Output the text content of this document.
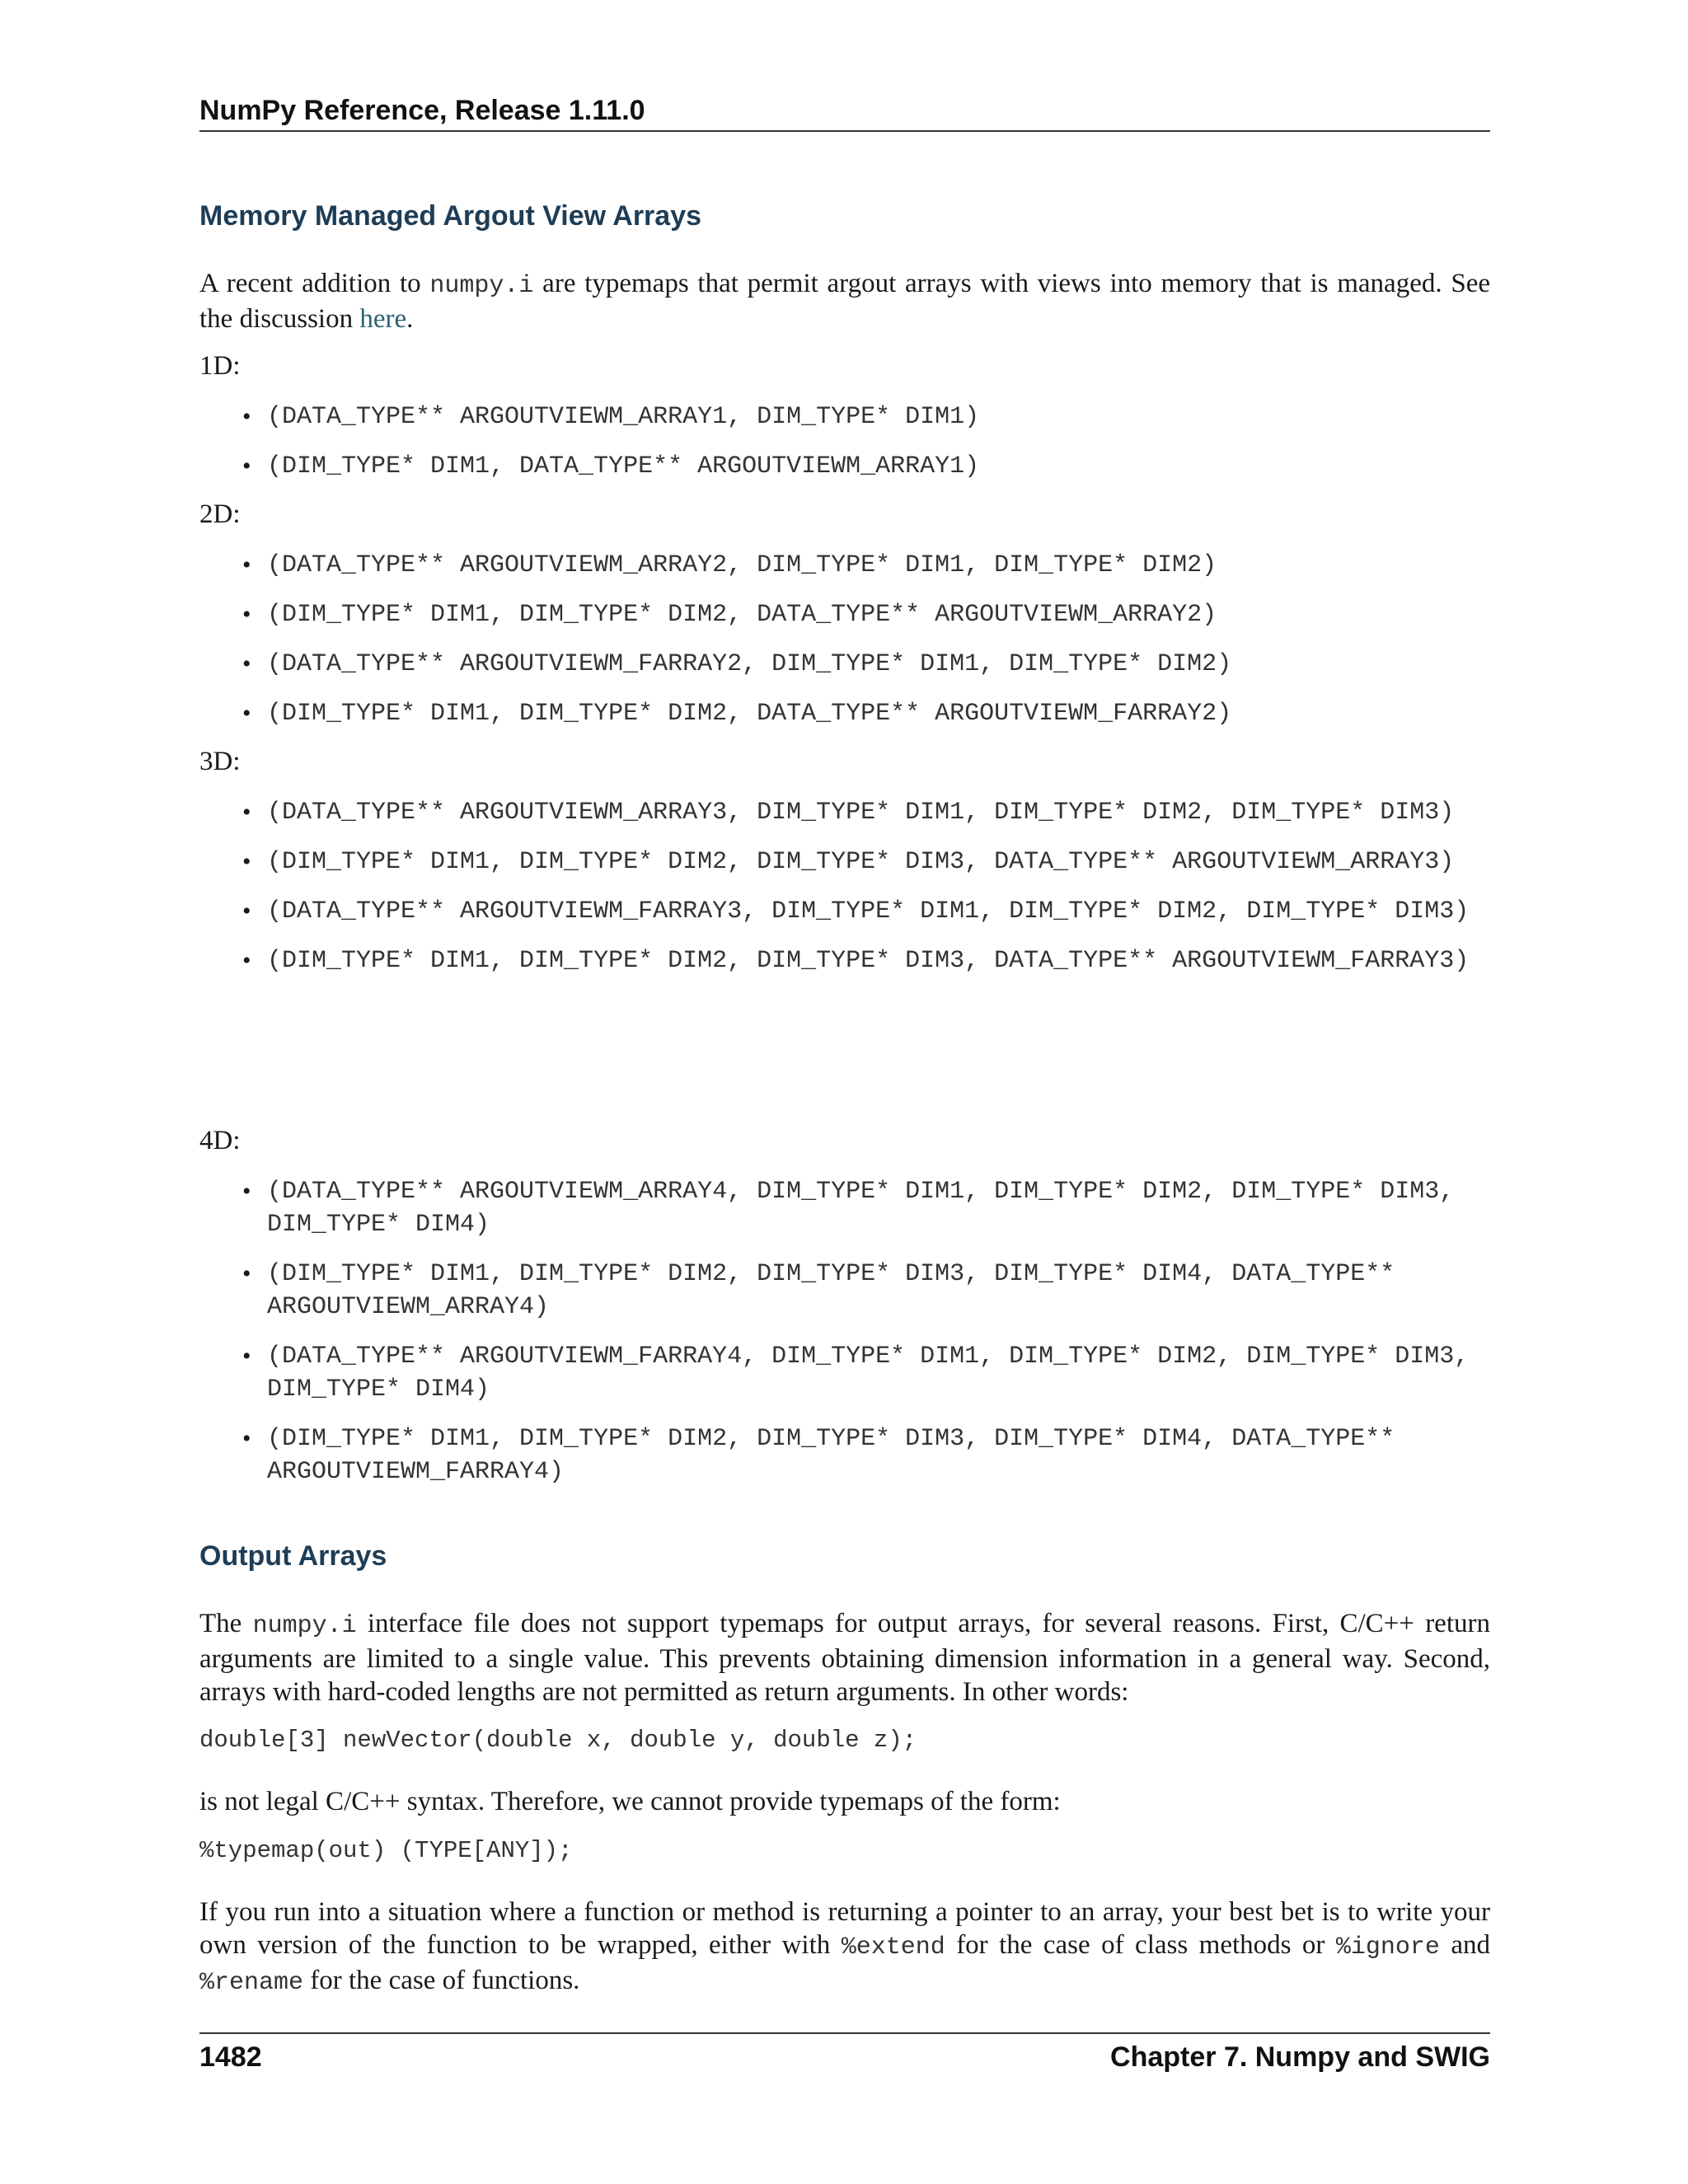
NumPy Reference, Release 1.11.0
Memory Managed Argout View Arrays

A recent addition to numpy.i are typemaps that permit argout arrays with views into memory that is managed. See the discussion here.

1D:

• (DATA_TYPE** ARGOUTVIEWM_ARRAY1, DIM_TYPE* DIM1)
• (DIM_TYPE* DIM1, DATA_TYPE** ARGOUTVIEWM_ARRAY1)

2D:

• (DATA_TYPE** ARGOUTVIEWM_ARRAY2, DIM_TYPE* DIM1, DIM_TYPE* DIM2)
• (DIM_TYPE* DIM1, DIM_TYPE* DIM2, DATA_TYPE** ARGOUTVIEWM_ARRAY2)
• (DATA_TYPE** ARGOUTVIEWM_FARRAY2, DIM_TYPE* DIM1, DIM_TYPE* DIM2)
• (DIM_TYPE* DIM1, DIM_TYPE* DIM2, DATA_TYPE** ARGOUTVIEWM_FARRAY2)

3D:

• (DATA_TYPE** ARGOUTVIEWM_ARRAY3, DIM_TYPE* DIM1, DIM_TYPE* DIM2, DIM_TYPE* DIM3)
• (DIM_TYPE* DIM1, DIM_TYPE* DIM2, DIM_TYPE* DIM3, DATA_TYPE** ARGOUTVIEWM_ARRAY3)
• (DATA_TYPE** ARGOUTVIEWM_FARRAY3, DIM_TYPE* DIM1, DIM_TYPE* DIM2, DIM_TYPE* DIM3)
• (DIM_TYPE* DIM1, DIM_TYPE* DIM2, DIM_TYPE* DIM3, DATA_TYPE** ARGOUTVIEWM_FARRAY3)

4D:

• (DATA_TYPE** ARGOUTVIEWM_ARRAY4, DIM_TYPE* DIM1, DIM_TYPE* DIM2, DIM_TYPE* DIM3, DIM_TYPE* DIM4)
• (DIM_TYPE* DIM1, DIM_TYPE* DIM2, DIM_TYPE* DIM3, DIM_TYPE* DIM4, DATA_TYPE** ARGOUTVIEWM_ARRAY4)
• (DATA_TYPE** ARGOUTVIEWM_FARRAY4, DIM_TYPE* DIM1, DIM_TYPE* DIM2, DIM_TYPE* DIM3, DIM_TYPE* DIM4)
• (DIM_TYPE* DIM1, DIM_TYPE* DIM2, DIM_TYPE* DIM3, DIM_TYPE* DIM4, DATA_TYPE** ARGOUTVIEWM_FARRAY4)
Output Arrays

The numpy.i interface file does not support typemaps for output arrays, for several reasons. First, C/C++ return arguments are limited to a single value. This prevents obtaining dimension information in a general way. Second, arrays with hard-coded lengths are not permitted as return arguments. In other words:

double[3] newVector(double x, double y, double z);

is not legal C/C++ syntax. Therefore, we cannot provide typemaps of the form:

%typemap(out) (TYPE[ANY]);

If you run into a situation where a function or method is returning a pointer to an array, your best bet is to write your own version of the function to be wrapped, either with %extend for the case of class methods or %ignore and %rename for the case of functions.

1482	Chapter 7. Numpy and SWIG
